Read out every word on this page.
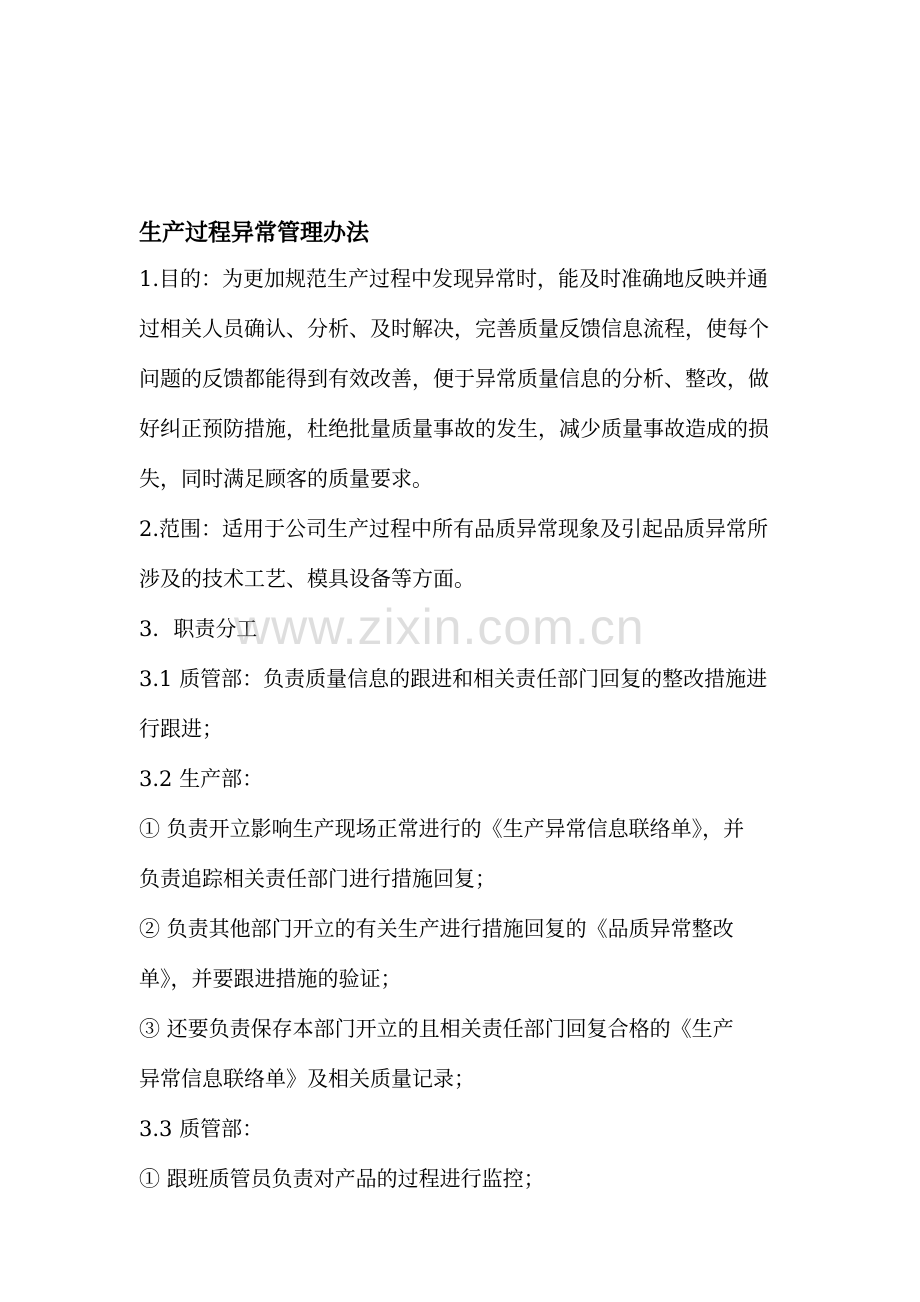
生产过程异常管理办法
1.目的：为更加规范生产过程中发现异常时，能及时准确地反映并通
过相关人员确认、分析、及时解决，完善质量反馈信息流程，使每个
问题的反馈都能得到有效改善，便于异常质量信息的分析、整改，做
好纠正预防措施，杜绝批量质量事故的发生，减少质量事故造成的损
失，同时满足顾客的质量要求。
2.范围：适用于公司生产过程中所有品质异常现象及引起品质异常所
涉及的技术工艺、模具设备等方面。
3．职责分工
3.1 质管部：负责质量信息的跟进和相关责任部门回复的整改措施进
行跟进；
3.2 生产部：
① 负责开立影响生产现场正常进行的《生产异常信息联络单》，并
负责追踪相关责任部门进行措施回复；
② 负责其他部门开立的有关生产进行措施回复的《品质异常整改
单》，并要跟进措施的验证；
③ 还要负责保存本部门开立的且相关责任部门回复合格的《生产
异常信息联络单》及相关质量记录；
3.3 质管部：
① 跟班质管员负责对产品的过程进行监控；
www.zixin.com.cn
